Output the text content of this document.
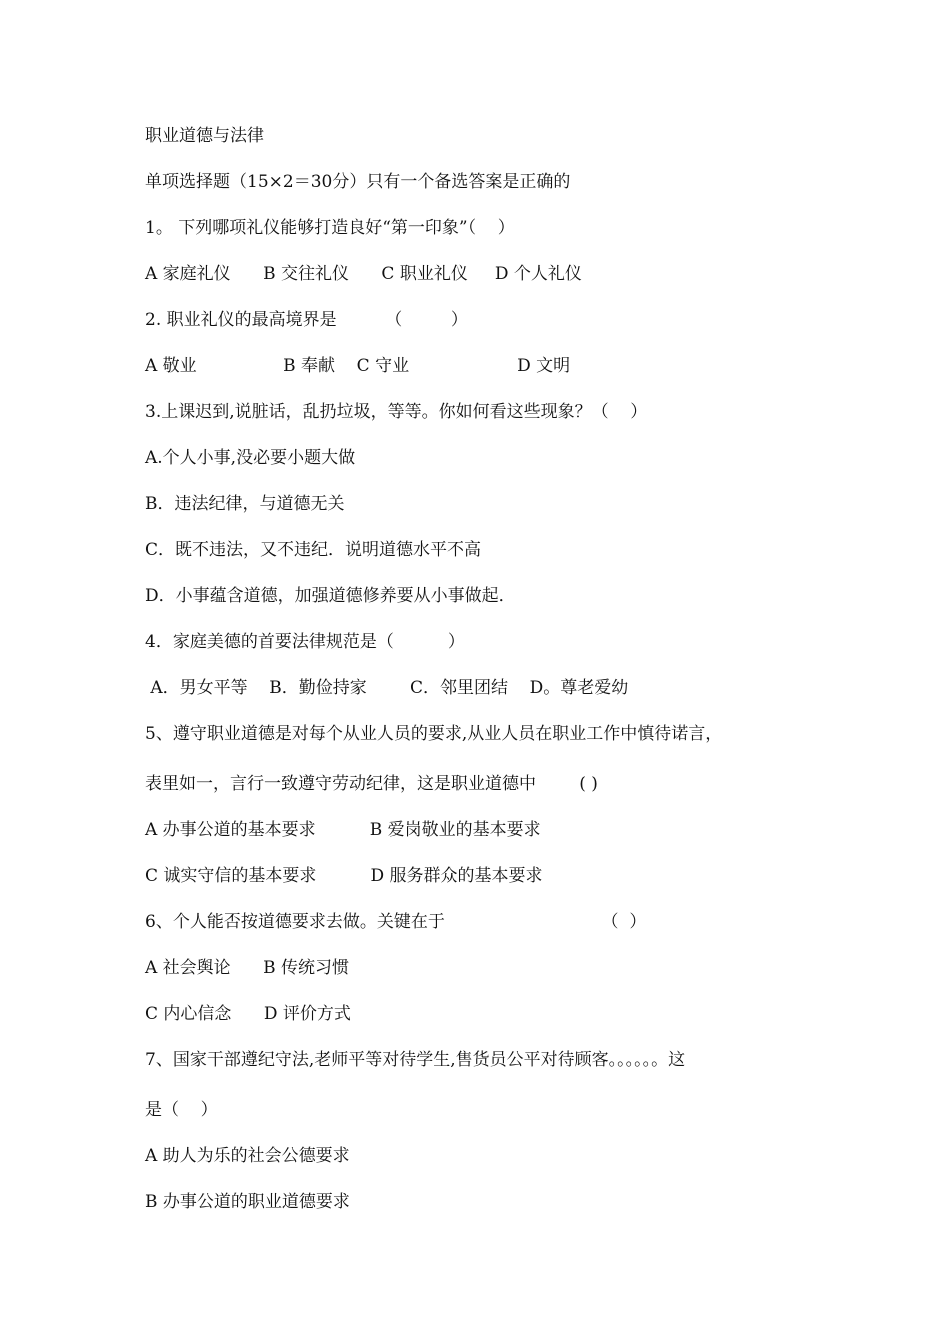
职业道德与法律
单项选择题（15×2＝30分）只有一个备选答案是正确的
1。 下列哪项礼仪能够打造良好“第一印象”（    ）
A 家庭礼仪      B 交往礼仪      C 职业礼仪     D 个人礼仪
2. 职业礼仪的最高境界是         （         ）
A 敬业                B 奉献    C 守业                    D 文明
3.上课迟到,说脏话，乱扔垃圾，等等。你如何看这些现象？（    ）
A.个人小事,没必要小题大做
B．违法纪律，与道德无关
C．既不违法，又不违纪．说明道德水平不高
D．小事蕴含道德，加强道德修养要从小事做起．
4．家庭美德的首要法律规范是（          ）
A．男女平等    B．勤俭持家        C．邻里团结    D。尊老爱幼
5、遵守职业道德是对每个从业人员的要求,从业人员在职业工作中慎待诺言，
表里如一，言行一致遵守劳动纪律，这是职业道德中        ( )
A 办事公道的基本要求          B 爱岗敬业的基本要求
C 诚实守信的基本要求          D 服务群众的基本要求
6、个人能否按道德要求去做。关键在于                             （  ）
A 社会舆论      B 传统习惯
C 内心信念      D 评价方式
7、国家干部遵纪守法,老师平等对待学生,售货员公平对待顾客。。。。。。这
是（    ）
A 助人为乐的社会公德要求
B 办事公道的职业道德要求
